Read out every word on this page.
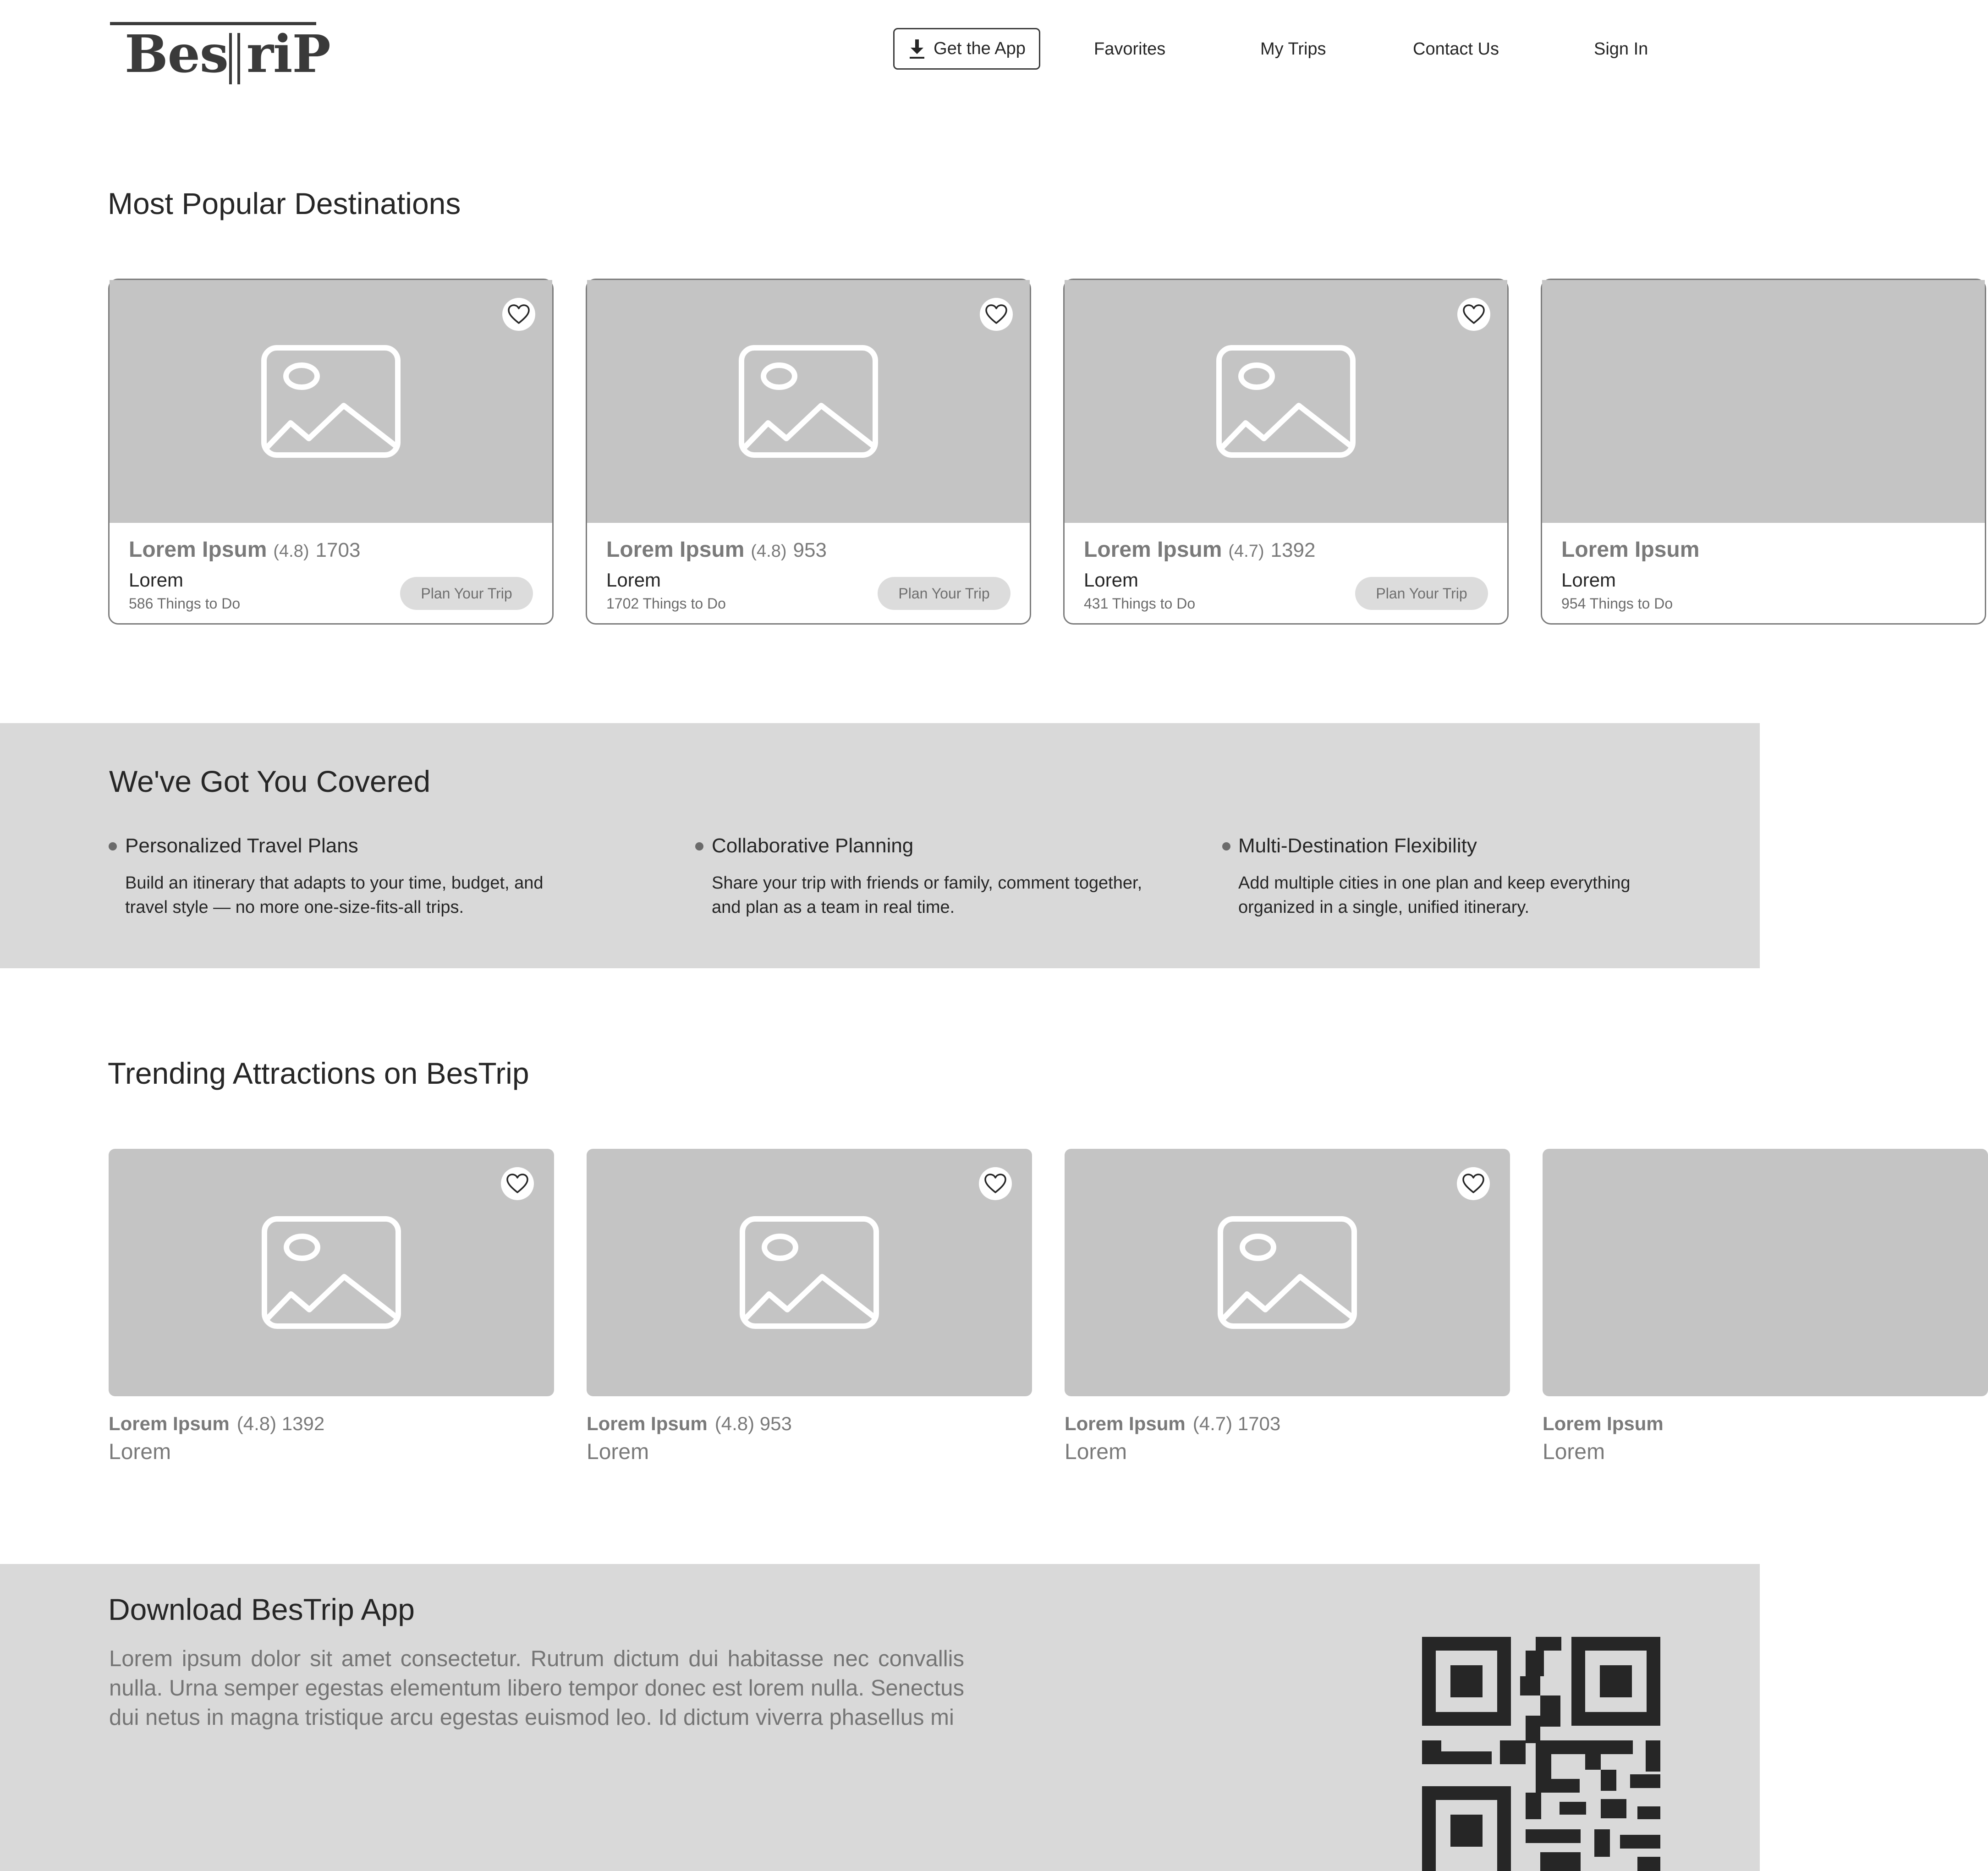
Bes riP	Get the App	Favorites	My Trips	Contact Us	Sign In
Most Popular Destinations
Lorem Ipsum (4.8) 1703
Lorem
586 Things to Do
Plan Your Trip
Lorem Ipsum (4.8) 953
Lorem
1702 Things to Do
Plan Your Trip
Lorem Ipsum (4.7) 1392
Lorem
431 Things to Do
Plan Your Trip
Lorem Ipsum
Lorem
954 Things to Do
We've Got You Covered
Personalized Travel Plans
Build an itinerary that adapts to your time, budget, and travel style — no more one-size-fits-all trips.
Collaborative Planning
Share your trip with friends or family, comment together, and plan as a team in real time.
Multi-Destination Flexibility
Add multiple cities in one plan and keep everything organized in a single, unified itinerary.
Trending Attractions on BesTrip
Lorem Ipsum (4.8) 1392
Lorem
Lorem Ipsum (4.8) 953
Lorem
Lorem Ipsum (4.7) 1703
Lorem
Lorem Ipsum
Lorem
Download BesTrip App
Lorem ipsum dolor sit amet consectetur. Rutrum dictum dui habitasse nec convallis nulla. Urna semper egestas elementum libero tempor donec est lorem nulla. Senectus dui netus in magna tristique arcu egestas euismod leo. Id dictum viverra phasellus mi
